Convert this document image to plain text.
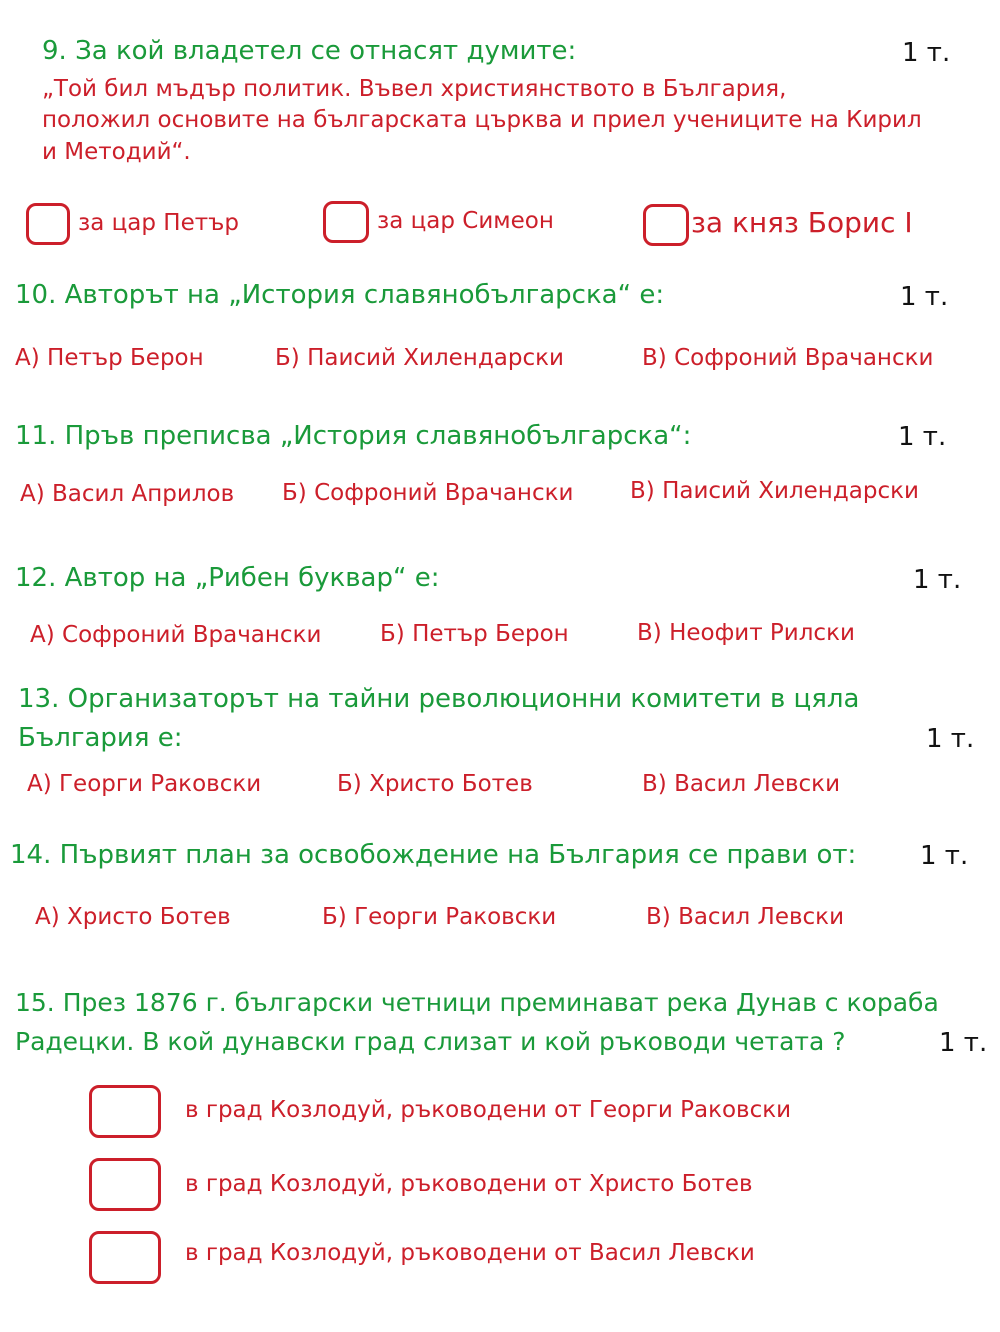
9. За кой владетел се отнасят думите:	1 т.
„Той бил мъдър политик. Въвел християнството в България,
положил основите на българската църква и приел учениците на Кирил
и Методий“.
за цар Петър	за цар Симеон	за княз Борис I
10. Авторът на „История славянобългарска“ е:	1 т.
А) Петър Берон	Б) Паисий Хилендарски	В) Софроний Врачански
11. Пръв преписва „История славянобългарска“:	1 т.
А) Васил Априлов Б) Софроний Врачански В) Паисий Хилендарски
12. Автор на „Рибен буквар“ е:	1 т.
А) Софроний Врачански	Б) Петър Берон	В) Неофит Рилски
13. Организаторът на тайни революционни комитети в цяла
България е:	1 т.
А) Георги Раковски	Б) Христо Ботев	В) Васил Левски
14. Първият план за освобождение на България се прави от: 1 т.
А) Христо Ботев	Б) Георги Раковски	В) Васил Левски
15. През 1876 г. български четници преминават река Дунав с кораба
Радецки. В кой дунавски град слизат и кой ръководи четата ?	1 т.
в град Козлодуй, ръководени от Георги Раковски
в град Козлодуй, ръководени от Христо Ботев
в град Козлодуй, ръководени от Васил Левски
